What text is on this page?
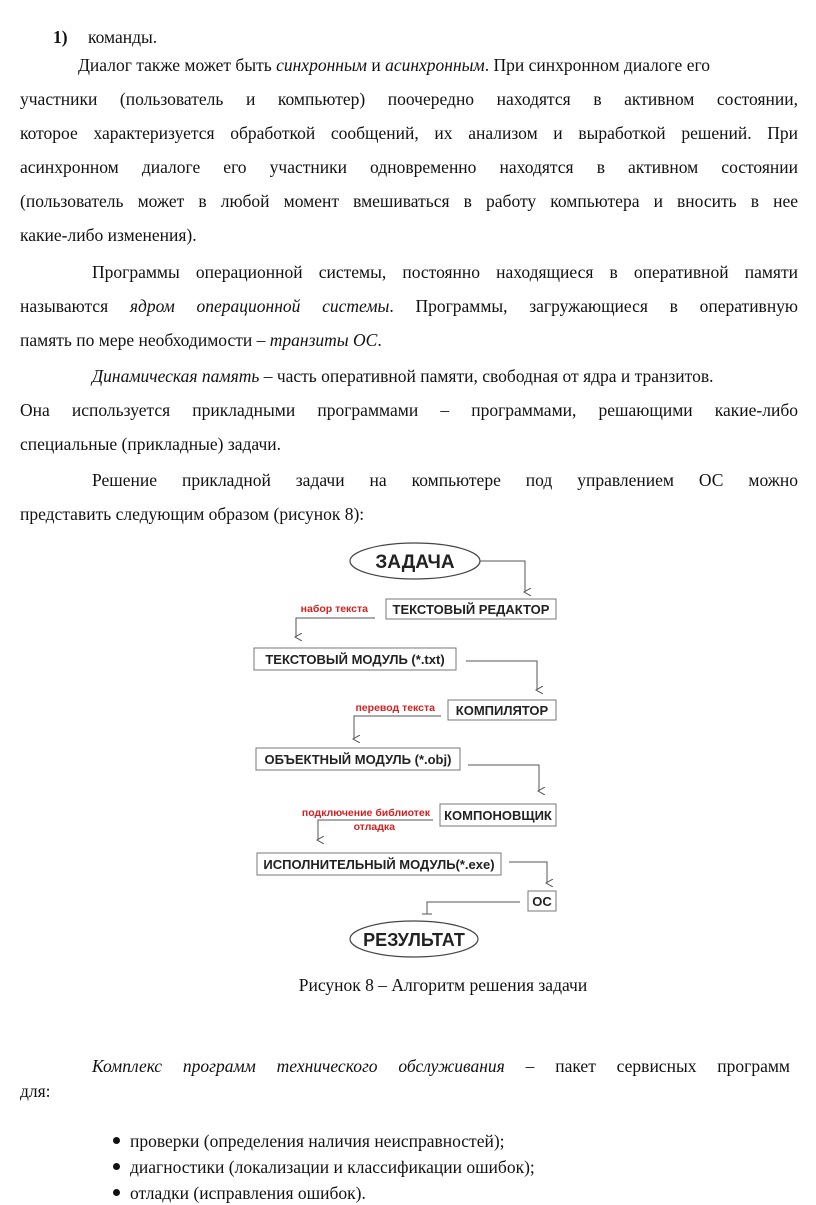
1) команды.
Диалог также может быть синхронным и асинхронным. При синхронном диалоге его
участники (пользователь и компьютер) поочередно находятся в активном состоянии,
которое характеризуется обработкой сообщений, их анализом и выработкой решений. При
асинхронном диалоге его участники одновременно находятся в активном состоянии
(пользователь может в любой момент вмешиваться в работу компьютера и вносить в нее
какие-либо изменения).
Программы операционной системы, постоянно находящиеся в оперативной памяти
называются ядром операционной системы. Программы, загружающиеся в оперативную
память по мере необходимости – транзиты ОС.
Динамическая память – часть оперативной памяти, свободная от ядра и транзитов.
Она используется прикладными программами – программами, решающими какие-либо
специальные (прикладные) задачи.
Решение прикладной задачи на компьютере под управлением ОС можно
представить следующим образом (рисунок 8):
ЗАДАЧА
ТЕКСТОВЫЙ РЕДАКТОР
набор текста
ТЕКСТОВЫЙ МОДУЛЬ (*.txt)
перевод текста КОМПИЛЯТОР
ОБЪЕКТНЫЙ МОДУЛЬ (*.obj)
подключение библиотек
отладка
КОМПОНОВЩИК
ИСПОЛНИТЕЛЬНЫЙ МОДУЛЬ(*.exe)
ОС
РЕЗУЛЬТАТ
Рисунок 8 – Алгоритм решения задачи
Комплекс программ технического обслуживания – пакет сервисных программ
для:
проверки (определения наличия неисправностей);
диагностики (локализации и классификации ошибок);
отладки (исправления ошибок).
